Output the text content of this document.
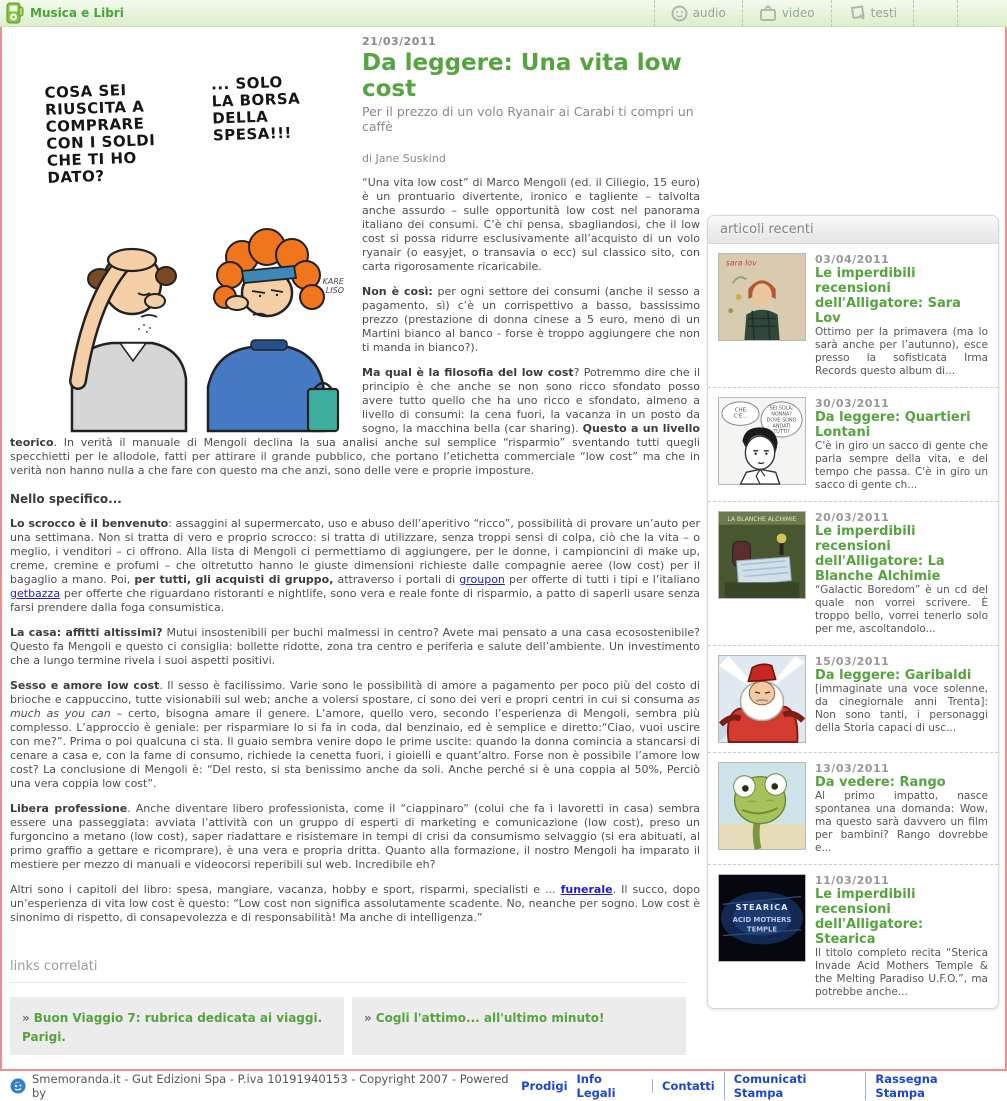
Musica e Libri	audio	video	testi
COSA SEI
RIUSCITA A
COMPRARE
CON I SOLDI
CHE TI HO
DATO?
... SOLO
LA BORSA
DELLA
SPESA!!!
KARE
LISO
21/03/2011
Da leggere: Una vita low cost
Per il prezzo di un volo Ryanair ai Carabi ti compri un caffè
di Jane Suskind

“Una vita low cost” di Marco Mengoli (ed. il Ciliegio, 15 euro) è un prontuario divertente, ironico e tagliente – talvolta anche assurdo – sulle opportunità low cost nel panorama italiano dei consumi. C’è chi pensa, sbagliandosi, che il low cost si possa ridurre esclusivamente all’acquisto di un volo ryanair (o easyjet, o transavia o ecc) sul classico sito, con carta rigorosamente ricaricabile.

Non è così: per ogni settore dei consumi (anche il sesso a pagamento, sì) c’è un corrispettivo a basso, bassissimo prezzo (prestazione di donna cinese a 5 euro, meno di un Martini bianco al banco - forse è troppo aggiungere che non ti manda in bianco?).

Ma qual è la filosofia del low cost? Potremmo dire che il principio è che anche se non sono ricco sfondato posso avere tutto quello che ha uno ricco e sfondato, almeno a livello di consumi: la cena fuori, la vacanza in un posto da sogno, la macchina bella (car sharing). Questo a un livello teorico. In verità il manuale di Mengoli declina la sua analisi anche sul semplice “risparmio” sventando tutti quegli specchietti per le allodole, fatti per attirare il grande pubblico, che portano l’etichetta commerciale “low cost” ma che in verità non hanno nulla a che fare con questo ma che anzi, sono delle vere e proprie imposture.

Nello specifico...

Lo scrocco è il benvenuto: assaggini al supermercato, uso e abuso dell’aperitivo “ricco”, possibilità di provare un’auto per una settimana. Non si tratta di vero e proprio scrocco: si tratta di utilizzare, senza troppi sensi di colpa, ciò che la vita – o meglio, i venditori – ci offrono. Alla lista di Mengoli ci permettiamo di aggiungere, per le donne, i campioncini di make up, creme, cremine e profumi – che oltretutto hanno le giuste dimensioni richieste dalle compagnie aeree (low cost) per il bagaglio a mano. Poi, per tutti, gli acquisti di gruppo, attraverso i portali di groupon per offerte di tutti i tipi e l’italiano getbazza per offerte che riguardano ristoranti e nightlife, sono vera e reale fonte di risparmio, a patto di saperli usare senza farsi prendere dalla foga consumistica.

La casa: affitti altissimi? Mutui insostenibili per buchi malmessi in centro? Avete mai pensato a una casa ecosostenibile? Questo fa Mengoli e questo ci consiglia: bollette ridotte, zona tra centro e periferia e salute dell’ambiente. Un investimento che a lungo termine rivela i suoi aspetti positivi.

Sesso e amore low cost. Il sesso è facilissimo. Varie sono le possibilità di amore a pagamento per poco più del costo di brioche e cappuccino, tutte visionabili sul web; anche a volersi spostare, ci sono dei veri e propri centri in cui si consuma as much as you can – certo, bisogna amare il genere. L’amore, quello vero, secondo l’esperienza di Mengoli, sembra più complesso. L’approccio è geniale: per risparmiare lo si fa in coda, dal benzinaio, ed è semplice e diretto:“Ciao, vuoi uscire con me?”. Prima o poi qualcuna ci sta. Il guaio sembra venire dopo le prime uscite: quando la donna comincia a stancarsi di cenare a casa e, con la fame di consumo, richiede la cenetta fuori, i gioielli e quant’altro. Forse non è possibile l’amore low cost? La conclusione di Mengoli è: “Del resto, si sta benissimo anche da soli. Anche perché si è una coppia al 50%, Perciò una vera coppia low cost”.

Libera professione. Anche diventare libero professionista, come il “ciappinaro” (colui che fa i lavoretti in casa) sembra essere una passeggiata: avviata l’attività con un gruppo di esperti di marketing e comunicazione (low cost), preso un furgoncino a metano (low cost), saper riadattare e risistemare in tempi di crisi da consumismo selvaggio (si era abituati, al primo graffio a gettare e ricomprare), è una vera e propria dritta. Quanto alla formazione, il nostro Mengoli ha imparato il mestiere per mezzo di manuali e videocorsi reperibili sul web. Incredibile eh?

Altri sono i capitoli del libro: spesa, mangiare, vacanza, hobby e sport, risparmi, specialisti e ... funerale. Il succo, dopo un’esperienza di vita low cost è questo: “Low cost non significa assolutamente scadente. No, neanche per sogno. Low cost è sinonimo di rispetto, di consapevolezza e di responsabilità! Ma anche di intelligenza.”

links correlati
» Buon Viaggio 7: rubrica dedicata ai viaggi. Parigi.
» Cogli l'attimo... all'ultimo minuto!
articoli recenti
sara lov	03/04/2011
Le imperdibili recensioni dell'Alligatore: Sara Lov
Ottimo per la primavera (ma lo sarà anche per l’autunno), esce presso la sofisticata Irma Records questo album di...
CHE
C'È...
SEI SOLA,
NONNA?
DOVE SONO
ANDATI
TUTTI?
30/03/2011
Da leggere: Quartieri Lontani
C'è in giro un sacco di gente che parla sempre della vita, e del tempo che passa. C'è in giro un sacco di gente ch...
LA BLANCHE ALCHIMIE 20/03/2011
Le imperdibili recensioni dell'Alligatore: La Blanche Alchimie
“Galactic Boredom” è un cd del quale non vorrei scrivere. È troppo bello, vorrei tenerlo solo per me, ascoltandolo...
15/03/2011
Da leggere: Garibaldi
[immaginate una voce solenne, da cinegiornale anni Trenta]: Non sono tanti, i personaggi della Storia capaci di usc...
13/03/2011
Da vedere: Rango
Al primo impatto, nasce spontanea una domanda: Wow, ma questo sarà davvero un film per bambini? Rango dovrebbe e...
STEARICA
ACID MOTHERS
TEMPLE
11/03/2011
Le imperdibili recensioni dell'Alligatore: Stearica
Il titolo completo recita “Sterica Invade Acid Mothers Temple & the Melting Paradiso U.F.O.”, ma potrebbe anche...
Smemoranda.it - Gut Edizioni Spa - P.iva 10191940153 - Copyright 2007 - Powered by	Prodigi Info Legali	Contatti	Comunicati Stampa
Rassegna Stampa
